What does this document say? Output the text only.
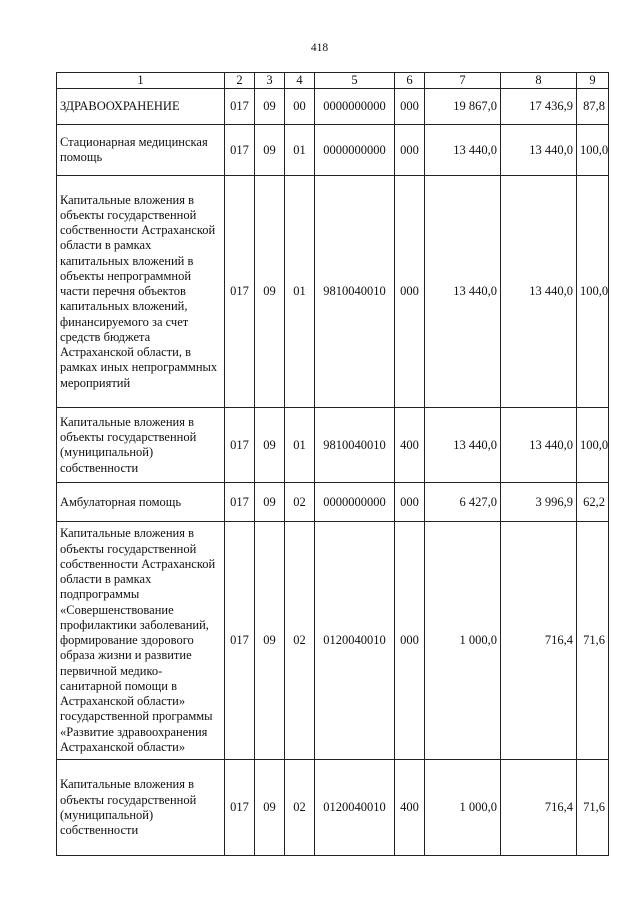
418
1	2	3	4	5	6	7	8	9
ЗДРАВООХРАНЕНИЕ	017	09	00	0000000000	000	19 867,0	17 436,9	87,8
Стационарная медицинская помощь	017	09	01	0000000000	000	13 440,0	13 440,0	100,0
Капитальные вложения в объекты государственной собственности Астраханской области в рамках капитальных вложений в объекты непрограммной части перечня объектов капитальных вложений, финансируемого за счет средств бюджета Астраханской области, в рамках иных непрограммных мероприятий	017	09	01	9810040010	000	13 440,0	13 440,0	100,0
Капитальные вложения в объекты государственной (муниципальной) собственности	017	09	01	9810040010	400	13 440,0	13 440,0	100,0
Амбулаторная помощь	017	09	02	0000000000	000	6 427,0	3 996,9	62,2
Капитальные вложения в объекты государственной собственности Астраханской области в рамках подпрограммы «Совершенствование профилактики заболеваний, формирование здорового образа жизни и развитие первичной медико-санитарной помощи в Астраханской области» государственной программы «Развитие здравоохранения Астраханской области»	017	09	02	0120040010	000	1 000,0	716,4	71,6
Капитальные вложения в объекты государственной (муниципальной) собственности	017	09	02	0120040010	400	1 000,0	716,4	71,6
